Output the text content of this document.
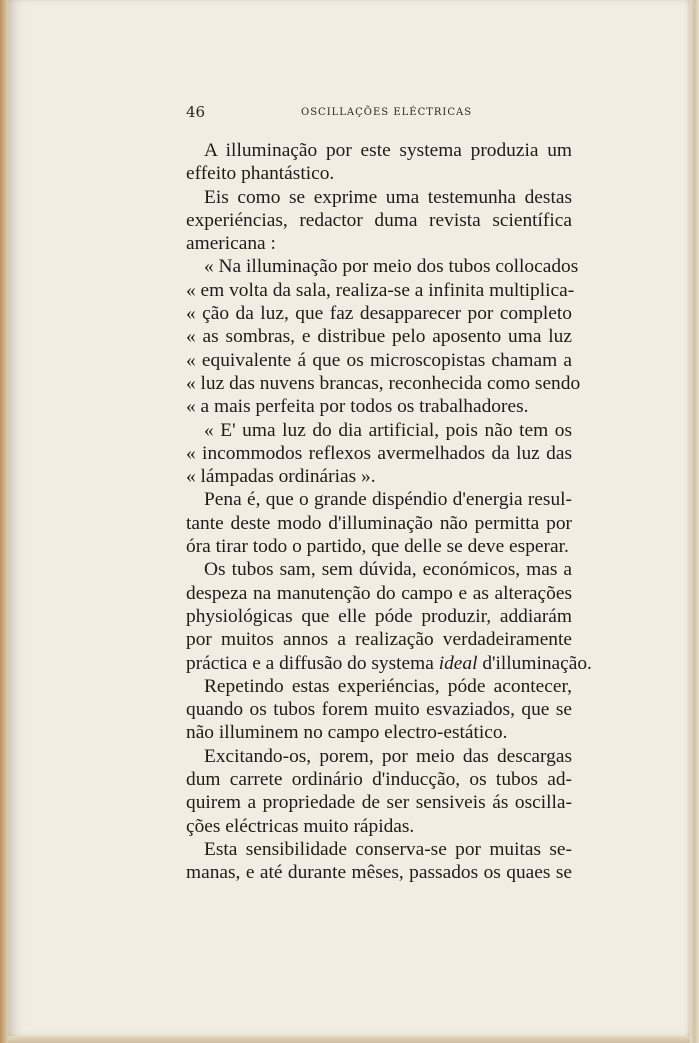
46	OSCILLAÇÕES ELÉCTRICAS
A illuminação por este systema produzia um
effeito phantástico.
Eis como se exprime uma testemunha destas
experiéncias, redactor duma revista scientífica
americana :
« Na illuminação por meio dos tubos collocados
« em volta da sala, realiza-se a infinita multiplica-
« ção da luz, que faz desapparecer por completo
« as sombras, e distribue pelo aposento uma luz
« equivalente á que os microscopistas chamam a
« luz das nuvens brancas, reconhecida como sendo
« a mais perfeita por todos os trabalhadores.
« E' uma luz do dia artificial, pois não tem os
« incommodos reflexos avermelhados da luz das
« lámpadas ordinárias ».
Pena é, que o grande dispéndio d'energia resul-
tante deste modo d'illuminação não permitta por
óra tirar todo o partido, que delle se deve esperar.
Os tubos sam, sem dúvida, económicos, mas a
despeza na manutenção do campo e as alterações
physiológicas que elle póde produzir, addiarám
por muitos annos a realização verdadeiramente
práctica e a diffusão do systema ideal d'illuminação.
Repetindo estas experiéncias, póde acontecer,
quando os tubos forem muito esvaziados, que se
não illuminem no campo electro-estático.
Excitando-os, porem, por meio das descargas
dum carrete ordinário d'inducção, os tubos ad-
quirem a propriedade de ser sensiveis ás oscilla-
ções eléctricas muito rápidas.
Esta sensibilidade conserva-se por muitas se-
manas, e até durante mêses, passados os quaes se
